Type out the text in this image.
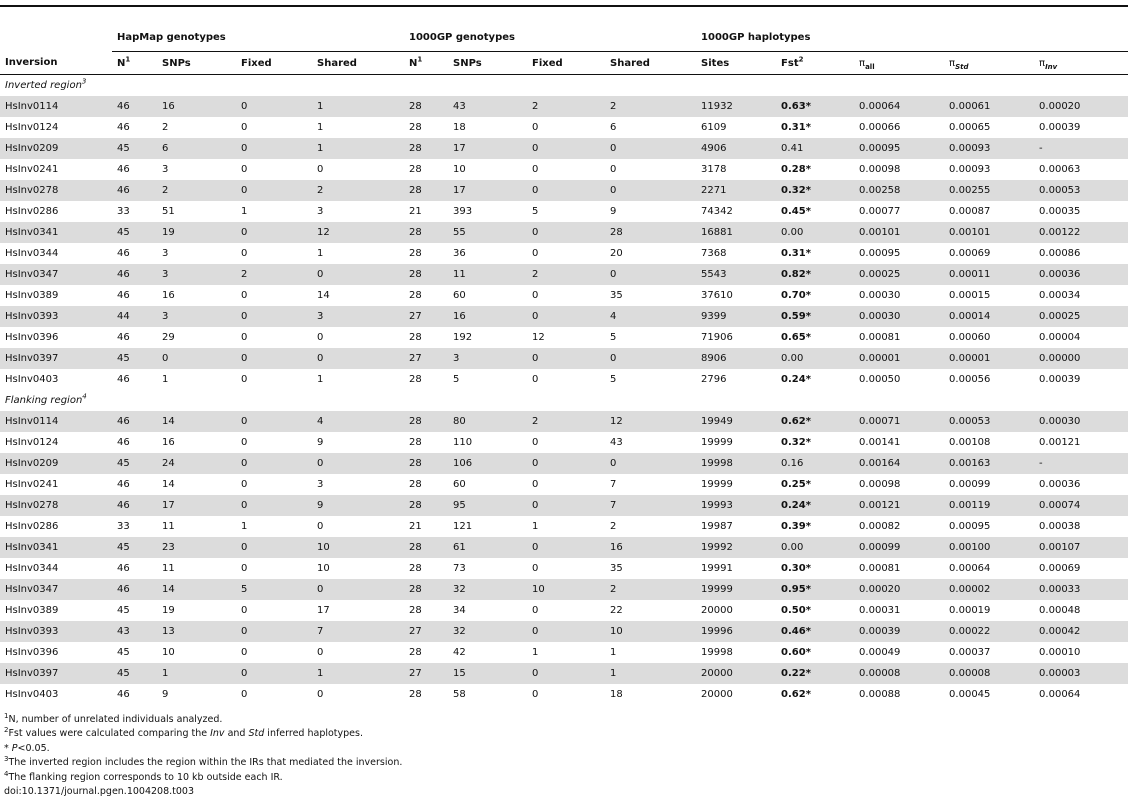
	HapMap genotypes				1000GP genotypes				1000GP haplotypes				
Inversion	$N^1$	SNPs	Fixed	Shared	$N^1$	SNPs	Fixed	Shared	Sites	Fst$^2$	$\pi_{all}$	$\pi_{Std}$	$\pi_{Inv}$
Inverted region$^3$
HsInv0114	46	16	0	1	28	43	2	2	11932	0.63*	0.00064	0.00061	0.00020
HsInv0124	46	2	0	1	28	18	0	6	6109	0.31*	0.00066	0.00065	0.00039
HsInv0209	45	6	0	1	28	17	0	0	4906	0.41	0.00095	0.00093	-
HsInv0241	46	3	0	0	28	10	0	0	3178	0.28*	0.00098	0.00093	0.00063
HsInv0278	46	2	0	2	28	17	0	0	2271	0.32*	0.00258	0.00255	0.00053
HsInv0286	33	51	1	3	21	393	5	9	74342	0.45*	0.00077	0.00087	0.00035
HsInv0341	45	19	0	12	28	55	0	28	16881	0.00	0.00101	0.00101	0.00122
HsInv0344	46	3	0	1	28	36	0	20	7368	0.31*	0.00095	0.00069	0.00086
HsInv0347	46	3	2	0	28	11	2	0	5543	0.82*	0.00025	0.00011	0.00036
HsInv0389	46	16	0	14	28	60	0	35	37610	0.70*	0.00030	0.00015	0.00034
HsInv0393	44	3	0	3	27	16	0	4	9399	0.59*	0.00030	0.00014	0.00025
HsInv0396	46	29	0	0	28	192	12	5	71906	0.65*	0.00081	0.00060	0.00004
HsInv0397	45	0	0	0	27	3	0	0	8906	0.00	0.00001	0.00001	0.00000
HsInv0403	46	1	0	1	28	5	0	5	2796	0.24*	0.00050	0.00056	0.00039
Flanking region$^4$
HsInv0114	46	14	0	4	28	80	2	12	19949	0.62*	0.00071	0.00053	0.00030
HsInv0124	46	16	0	9	28	110	0	43	19999	0.32*	0.00141	0.00108	0.00121
HsInv0209	45	24	0	0	28	106	0	0	19998	0.16	0.00164	0.00163	-
HsInv0241	46	14	0	3	28	60	0	7	19999	0.25*	0.00098	0.00099	0.00036
HsInv0278	46	17	0	9	28	95	0	7	19993	0.24*	0.00121	0.00119	0.00074
HsInv0286	33	11	1	0	21	121	1	2	19987	0.39*	0.00082	0.00095	0.00038
HsInv0341	45	23	0	10	28	61	0	16	19992	0.00	0.00099	0.00100	0.00107
HsInv0344	46	11	0	10	28	73	0	35	19991	0.30*	0.00081	0.00064	0.00069
HsInv0347	46	14	5	0	28	32	10	2	19999	0.95*	0.00020	0.00002	0.00033
HsInv0389	45	19	0	17	28	34	0	22	20000	0.50*	0.00031	0.00019	0.00048
HsInv0393	43	13	0	7	27	32	0	10	19996	0.46*	0.00039	0.00022	0.00042
HsInv0396	45	10	0	0	28	42	1	1	19998	0.60*	0.00049	0.00037	0.00010
HsInv0397	45	1	0	1	27	15	0	1	20000	0.22*	0.00008	0.00008	0.00003
HsInv0403	46	9	0	0	28	58	0	18	20000	0.62*	0.00088	0.00045	0.00064
$^1$N, number of unrelated individuals analyzed.
$^2$Fst values were calculated comparing the Inv and Std inferred haplotypes.
* P<0.05.
$^3$The inverted region includes the region within the IRs that mediated the inversion.
$^4$The flanking region corresponds to 10 kb outside each IR.
doi:10.1371/journal.pgen.1004208.t003
